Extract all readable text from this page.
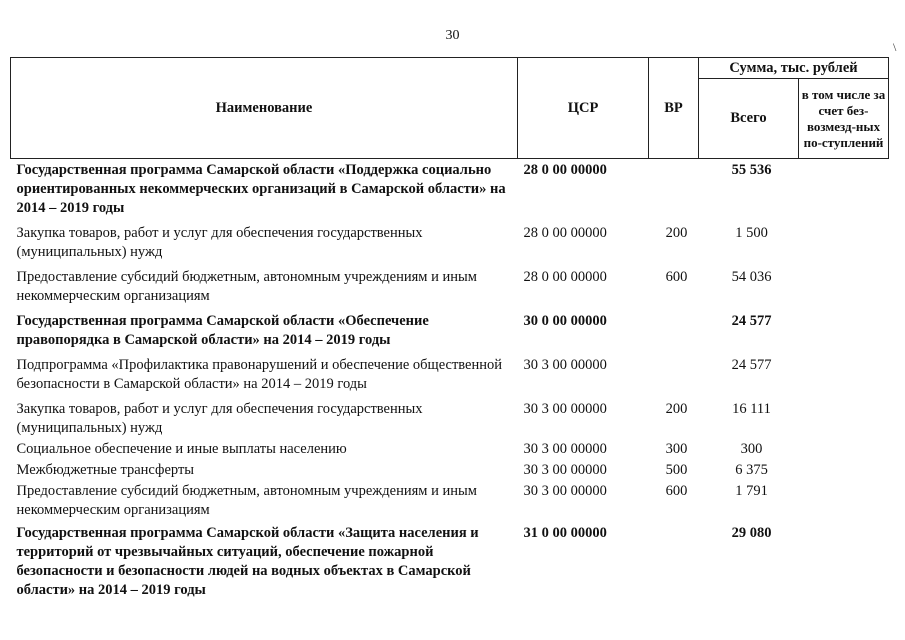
30
\
Наименование	ЦСР	ВР	Сумма, тыс. рублей	
			Всего	в том числе за счет без-возмезд-ных по-ступлений
Государственная программа Самарской области «Поддержка социально ориентированных некоммерческих организаций в Самарской области» на 2014 – 2019 годы	28 0 00 00000		55 536	
Закупка товаров, работ и услуг для обеспечения государственных (муниципальных) нужд	28 0 00 00000	200	1 500	
Предоставление субсидий бюджетным, автономным учреждениям и иным некоммерческим организациям	28 0 00 00000	600	54 036	
Государственная программа Самарской области «Обеспечение правопорядка в Самарской области» на 2014 – 2019 годы	30 0 00 00000		24 577	
Подпрограмма «Профилактика правонарушений и обеспечение общественной безопасности в Самарской области» на 2014 – 2019 годы	30 3 00 00000		24 577	
Закупка товаров, работ и услуг для обеспечения государственных (муниципальных) нужд	30 3 00 00000	200	16 111	
Социальное обеспечение и иные выплаты населению	30 3 00 00000	300	300	
Межбюджетные трансферты	30 3 00 00000	500	6 375	
Предоставление субсидий бюджетным, автономным учреждениям и иным некоммерческим организациям	30 3 00 00000	600	1 791	
Государственная программа Самарской области «Защита населения и территорий от чрезвычайных ситуаций, обеспечение пожарной безопасности и безопасности людей на водных объектах в Самарской области» на 2014 – 2019 годы	31 0 00 00000		29 080	
